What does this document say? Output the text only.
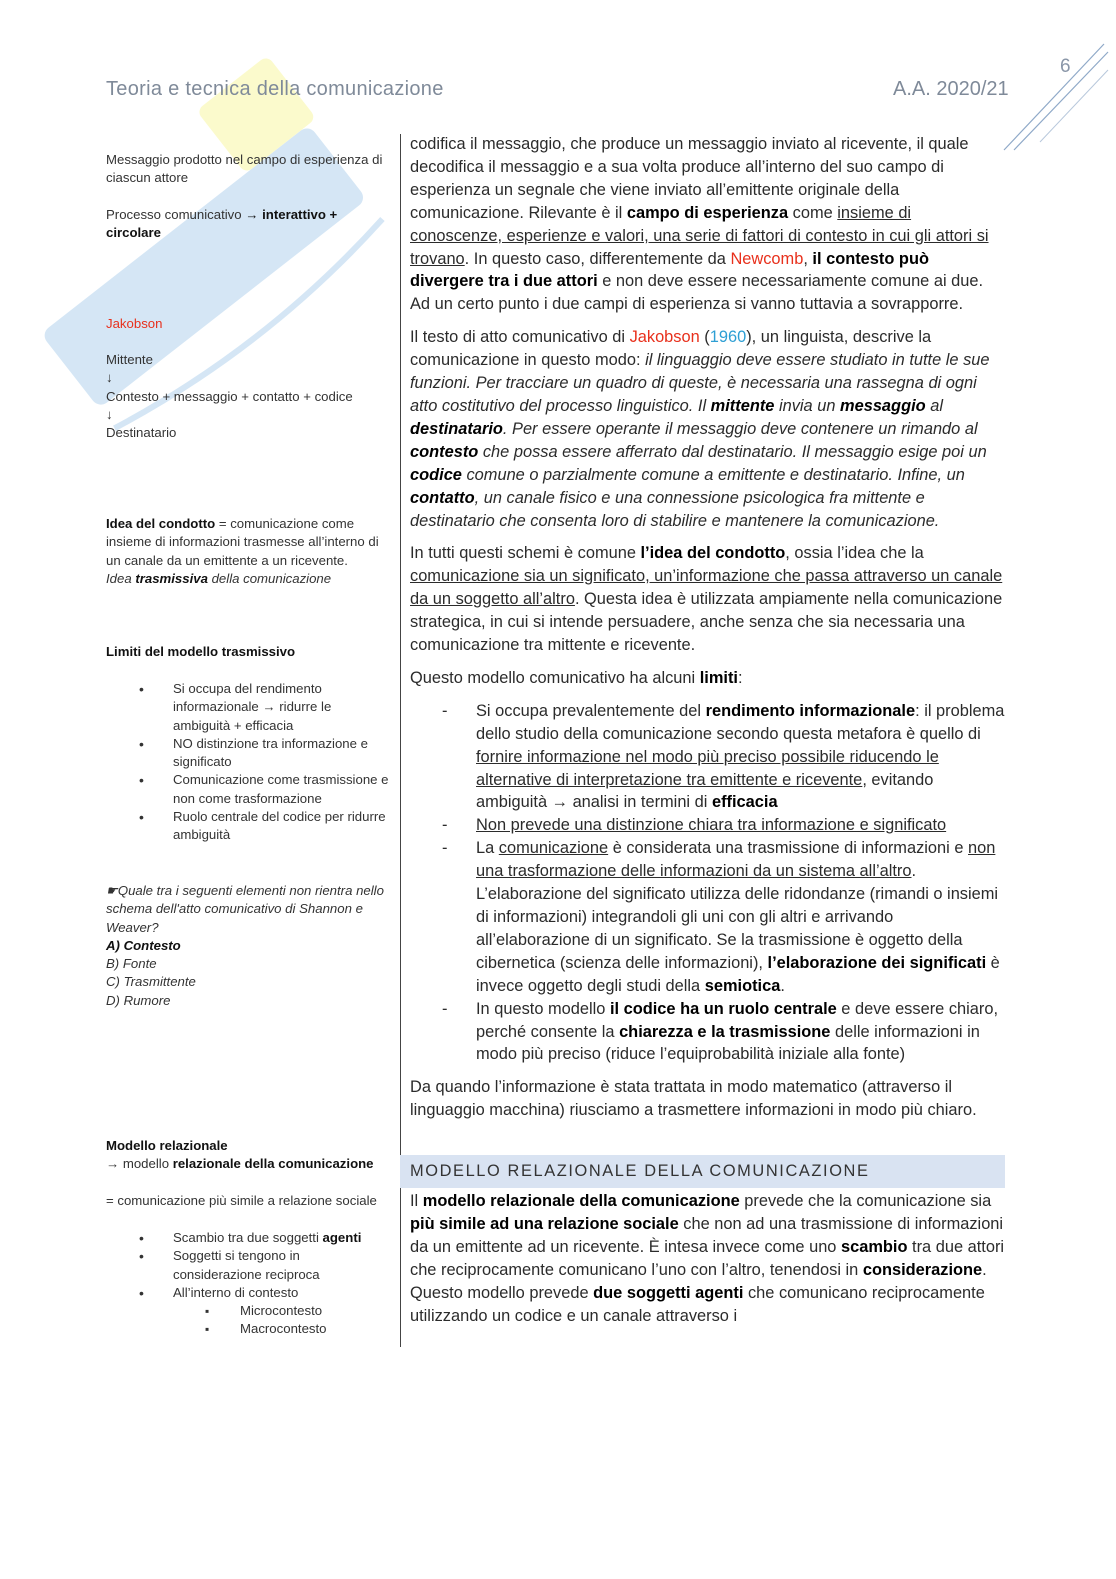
6
Teoria e tecnica della comunicazione	A.A. 2020/21
Messaggio prodotto nel campo di esperienza di ciascun attore
Processo comunicativo → interattivo + circolare
Jakobson
Mittente
↓
Contesto + messaggio + contatto + codice
↓
Destinatario
Idea del condotto = comunicazione come insieme di informazioni trasmesse all’interno di un canale da un emittente a un ricevente.
Idea trasmissiva della comunicazione
Limiti del modello trasmissivo
• Si occupa del rendimento informazionale → ridurre le ambiguità + efficacia
• NO distinzione tra informazione e significato
• Comunicazione come trasmissione e non come trasformazione
• Ruolo centrale del codice per ridurre ambiguità
☛Quale tra i seguenti elementi non rientra nello schema dell'atto comunicativo di Shannon e Weaver?
A) Contesto
B) Fonte
C) Trasmittente
D) Rumore
Modello relazionale
→ modello relazionale della comunicazione
= comunicazione più simile a relazione sociale
• Scambio tra due soggetti agenti
• Soggetti si tengono in considerazione reciproca
• All’interno di contesto
▪ Microcontesto
▪ Macrocontesto

codifica il messaggio, che produce un messaggio inviato al ricevente, il quale decodifica il messaggio e a sua volta produce all’interno del suo campo di esperienza un segnale che viene inviato all’emittente originale della comunicazione. Rilevante è il campo di esperienza come insieme di conoscenze, esperienze e valori, una serie di fattori di contesto in cui gli attori si trovano. In questo caso, differentemente da Newcomb, il contesto può divergere tra i due attori e non deve essere necessariamente comune ai due. Ad un certo punto i due campi di esperienza si vanno tuttavia a sovrapporre.

Il testo di atto comunicativo di Jakobson (1960), un linguista, descrive la comunicazione in questo modo: il linguaggio deve essere studiato in tutte le sue funzioni. Per tracciare un quadro di queste, è necessaria una rassegna di ogni atto costitutivo del processo linguistico. Il mittente invia un messaggio al destinatario. Per essere operante il messaggio deve contenere un rimando al contesto che possa essere afferrato dal destinatario. Il messaggio esige poi un codice comune o parzialmente comune a emittente e destinatario. Infine, un contatto, un canale fisico e una connessione psicologica fra mittente e destinatario che consenta loro di stabilire e mantenere la comunicazione.

In tutti questi schemi è comune l’idea del condotto, ossia l’idea che la comunicazione sia un significato, un’informazione che passa attraverso un canale da un soggetto all’altro. Questa idea è utilizzata ampiamente nella comunicazione strategica, in cui si intende persuadere, anche senza che sia necessaria una comunicazione tra mittente e ricevente.

Questo modello comunicativo ha alcuni limiti:

- Si occupa prevalentemente del rendimento informazionale: il problema dello studio della comunicazione secondo questa metafora è quello di fornire informazione nel modo più preciso possibile riducendo le alternative di interpretazione tra emittente e ricevente, evitando ambiguità → analisi in termini di efficacia
- Non prevede una distinzione chiara tra informazione e significato
- La comunicazione è considerata una trasmissione di informazioni e non una trasformazione delle informazioni da un sistema all’altro. L’elaborazione del significato utilizza delle ridondanze (rimandi o insiemi di informazioni) integrandoli gli uni con gli altri e arrivando all’elaborazione di un significato. Se la trasmissione è oggetto della cibernetica (scienza delle informazioni), l’elaborazione dei significati è invece oggetto degli studi della semiotica.
- In questo modello il codice ha un ruolo centrale e deve essere chiaro, perché consente la chiarezza e la trasmissione delle informazioni in modo più preciso (riduce l’equiprobabilità iniziale alla fonte)

Da quando l’informazione è stata trattata in modo matematico (attraverso il linguaggio macchina) riusciamo a trasmettere informazioni in modo più chiaro.

MODELLO RELAZIONALE DELLA COMUNICAZIONE

Il modello relazionale della comunicazione prevede che la comunicazione sia più simile ad una relazione sociale che non ad una trasmissione di informazioni da un emittente ad un ricevente. È intesa invece come uno scambio tra due attori che reciprocamente comunicano l’uno con l’altro, tenendosi in considerazione. Questo modello prevede due soggetti agenti che comunicano reciprocamente utilizzando un codice e un canale attraverso i
